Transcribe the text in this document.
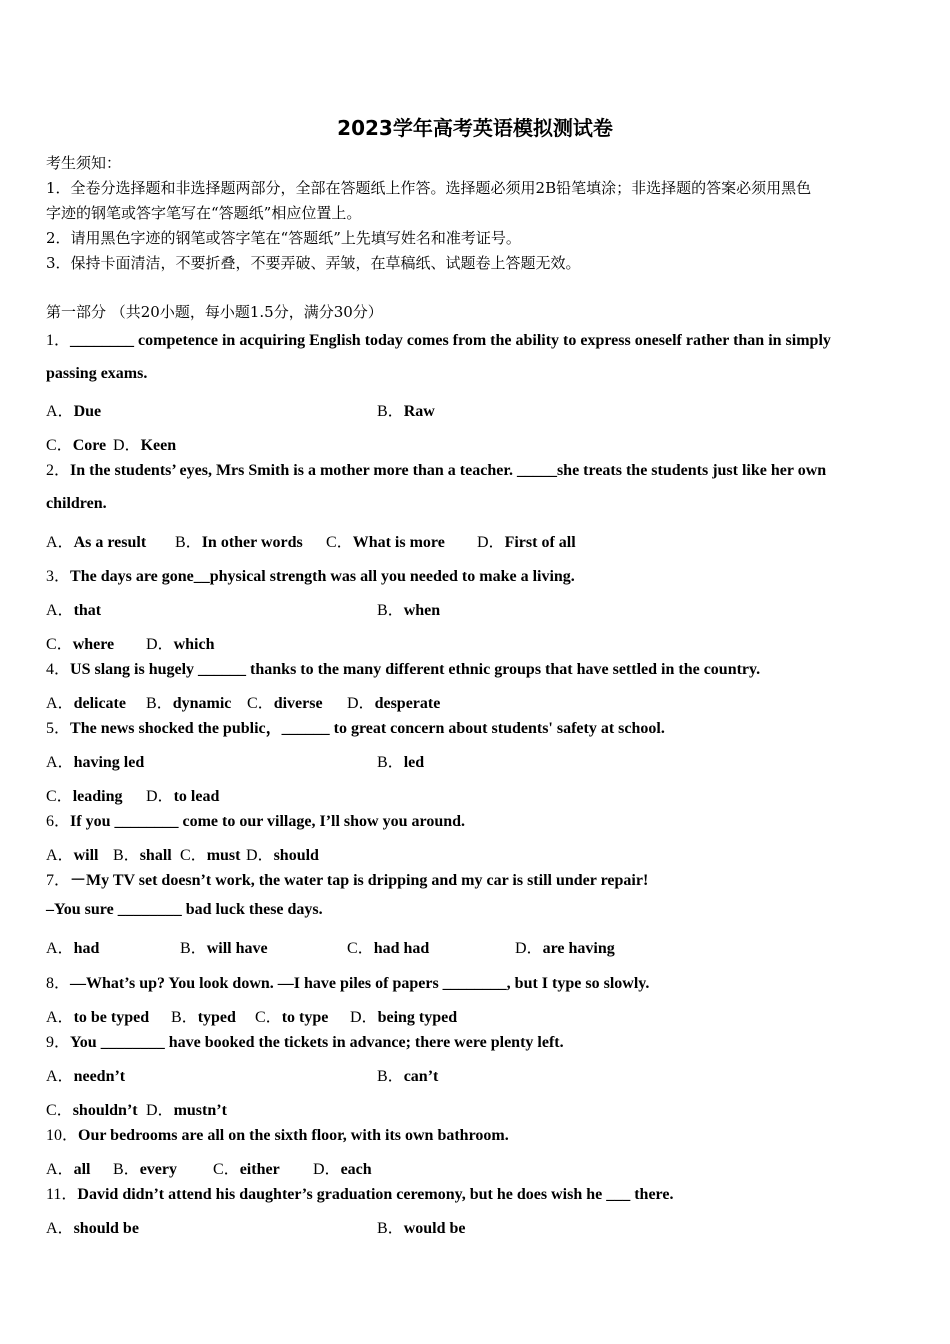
2023学年高考英语模拟测试卷
考生须知：
1．全卷分选择题和非选择题两部分，全部在答题纸上作答。选择题必须用2B铅笔填涂；非选择题的答案必须用黑色
字迹的钢笔或答字笔写在“答题纸”相应位置上。
2．请用黑色字迹的钢笔或答字笔在“答题纸”上先填写姓名和准考证号。
3．保持卡面清洁，不要折叠，不要弄破、弄皱，在草稿纸、试题卷上答题无效。
第一部分 （共20小题，每小题1.5分，满分30分）
1．________ competence in acquiring English today comes from the ability to express oneself rather than in simply
passing exams.
A．Due	B．Raw
C．Core D．Keen
2．In the students’ eyes, Mrs Smith is a mother more than a teacher. _____she treats the students just like her own
children.
A．As a result B．In other words C．What is more D．First of all
3．The days are gone__physical strength was all you needed to make a living.
A．that	B．when
C．where D．which
4．US slang is hugely ______ thanks to the many different ethnic groups that have settled in the country.
A．delicate B．dynamic C．diverse D．desperate
5．The news shocked the public，______ to great concern about students' safety at school.
A．having led	B．led
C．leading D．to lead
6．If you ________ come to our village, I’ll show you around.
A．will B．shall C．must D．should
7．－My TV set doesn’t work, the water tap is dripping and my car is still under repair!
–You sure ________ bad luck these days.
A．had	B．will have	C．had had	D．are having
8．—What’s up? You look down. —I have piles of papers ________, but I type so slowly.
A．to be typed B．typed C．to type D．being typed
9．You ________ have booked the tickets in advance; there were plenty left.
A．needn’t	B．can’t
C．shouldn’t D．mustn’t
10．Our bedrooms are all on the sixth floor, with its own bathroom.
A．all B．every C．either D．each
11．David didn’t attend his daughter’s graduation ceremony, but he does wish he ___ there.
A．should be	B．would be
